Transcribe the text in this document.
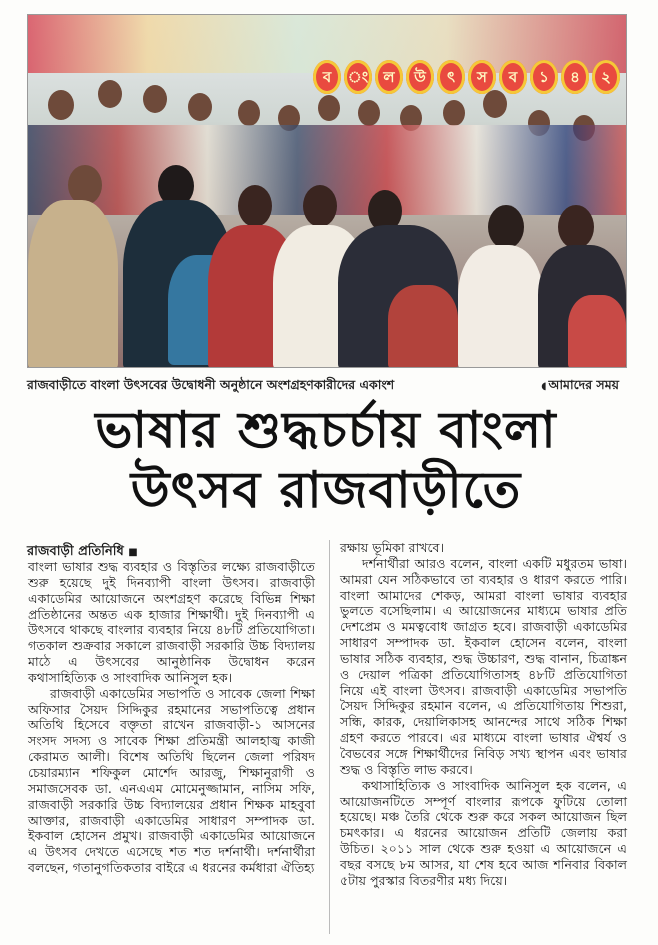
ব	ং	ল	উ	ৎ	স	ব	১	৪	২
রাজবাড়ীতে বাংলা উৎসবের উদ্বোধনী অনুষ্ঠানে অংশগ্রহণকারীদের একাংশ	◖ আমাদের সময়
ভাষার শুদ্ধচর্চায় বাংলা
উৎসব রাজবাড়ীতে
রাজবাড়ী প্রতিনিধি ■

বাংলা ভাষার শুদ্ধ ব্যবহার ও বিস্তৃতির লক্ষ্যে রাজবাড়ীতে শুরু হয়েছে দুই দিনব্যাপী বাংলা উৎসব। রাজবাড়ী একাডেমির আয়োজনে অংশগ্রহণ করেছে বিভিন্ন শিক্ষা প্রতিষ্ঠানের অন্তত এক হাজার শিক্ষার্থী। দুই দিনব্যাপী এ উৎসবে থাকছে বাংলার ব্যবহার নিয়ে ৪৮টি প্রতিযোগিতা। গতকাল শুক্রবার সকালে রাজবাড়ী সরকারি উচ্চ বিদ্যালয় মাঠে এ উৎসবের আনুষ্ঠানিক উদ্বোধন করেন কথাসাহিত্যিক ও সাংবাদিক আনিসুল হক।

রাজবাড়ী একাডেমির সভাপতি ও সাবেক জেলা শিক্ষা অফিসার সৈয়দ সিদ্দিকুর রহমানের সভাপতিত্বে প্রধান অতিথি হিসেবে বক্তৃতা রাখেন রাজবাড়ী-১ আসনের সংসদ সদস্য ও সাবেক শিক্ষা প্রতিমন্ত্রী আলহাজ্ব কাজী কেরামত আলী। বিশেষ অতিথি ছিলেন জেলা পরিষদ চেয়ারম্যান শফিকুল মোর্শেদ আরজু, শিক্ষানুরাগী ও সমাজসেবক ডা. এনএএম মোমেনুজ্জামান, নাসিম সফি, রাজবাড়ী সরকারি উচ্চ বিদ্যালয়ের প্রধান শিক্ষক মাহবুবা আক্তার, রাজবাড়ী একাডেমির সাধারণ সম্পাদক ডা. ইকবাল হোসেন প্রমুখ। রাজবাড়ী একাডেমির আয়োজনে এ উৎসব দেখতে এসেছে শত শত দর্শনার্থী। দর্শনার্থীরা বলছেন, গতানুগতিকতার বাইরে এ ধরনের কর্মধারা ঐতিহ্য

রক্ষায় ভূমিকা রাখবে।

দর্শনার্থীরা আরও বলেন, বাংলা একটি মধুরতম ভাষা। আমরা যেন সঠিকভাবে তা ব্যবহার ও ধারণ করতে পারি। বাংলা আমাদের শেকড়, আমরা বাংলা ভাষার ব্যবহার ভুলতে বসেছিলাম। এ আয়োজনের মাধ্যমে ভাষার প্রতি দেশপ্রেম ও মমত্ববোধ জাগ্রত হবে। রাজবাড়ী একাডেমির সাধারণ সম্পাদক ডা. ইকবাল হোসেন বলেন, বাংলা ভাষার সঠিক ব্যবহার, শুদ্ধ উচ্চারণ, শুদ্ধ বানান, চিত্রাঙ্কন ও দেয়াল পত্রিকা প্রতিযোগিতাসহ ৪৮টি প্রতিযোগিতা নিয়ে এই বাংলা উৎসব। রাজবাড়ী একাডেমির সভাপতি সৈয়দ সিদ্দিকুর রহমান বলেন, এ প্রতিযোগিতায় শিশুরা, সন্ধি, কারক, দেয়ালিকাসহ আনন্দের সাথে সঠিক শিক্ষা গ্রহণ করতে পারবে। এর মাধ্যমে বাংলা ভাষার ঐশ্বর্য ও বৈভবের সঙ্গে শিক্ষার্থীদের নিবিড় সখ্য স্থাপন এবং ভাষার শুদ্ধ ও বিস্তৃতি লাভ করবে।

কথাসাহিত্যিক ও সাংবাদিক আনিসুল হক বলেন, এ আয়োজনটিতে সম্পূর্ণ বাংলার রূপকে ফুটিয়ে তোলা হয়েছে। মঞ্চ তৈরি থেকে শুরু করে সকল আয়োজন ছিল চমৎকার। এ ধরনের আয়োজন প্রতিটি জেলায় করা উচিত। ২০১১ সাল থেকে শুরু হওয়া এ আয়োজনে এ বছর বসছে ৮ম আসর, যা শেষ হবে আজ শনিবার বিকাল ৫টায় পুরস্কার বিতরণীর মধ্য দিয়ে।
